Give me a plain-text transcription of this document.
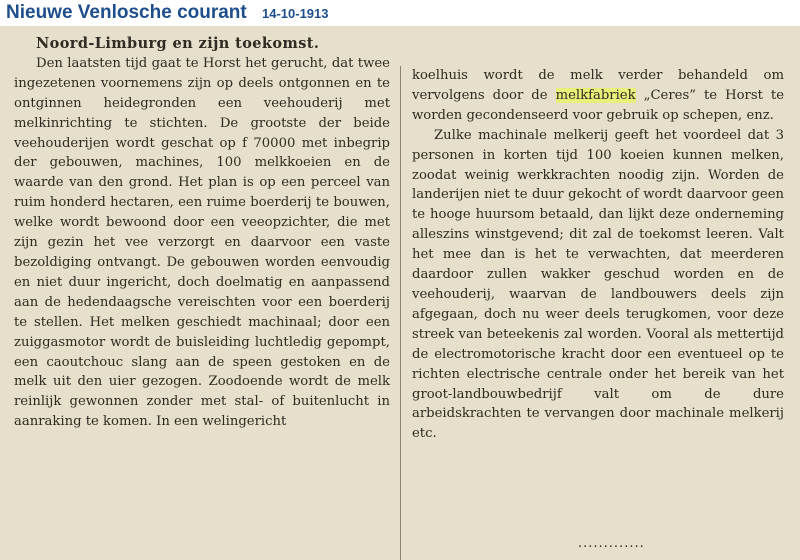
Nieuwe Venlosche courant 14-10-1913

Noord-Limburg en zijn toekomst.

Den laatsten tijd gaat te Horst het gerucht, dat twee ingezetenen voornemens zijn op deels ontgonnen en te ontginnen heidegronden een veehouderij met melkinrichting te stichten. De grootste der beide veehouderijen wordt geschat op f 70000 met inbegrip der gebouwen, machines, 100 melkkoeien en de waarde van den grond. Het plan is op een perceel van ruim honderd hectaren, een ruime boerderij te bouwen, welke wordt bewoond door een veeopzichter, die met zijn gezin het vee verzorgt en daarvoor een vaste bezoldiging ontvangt. De gebouwen worden eenvoudig en niet duur ingericht, doch doelmatig en aanpassend aan de hedendaagsche vereischten voor een boerderij te stellen. Het melken geschiedt machinaal; door een zuiggasmotor wordt de buisleiding luchtledig gepompt, een caoutchouc slang aan de speen gestoken en de melk uit den uier gezogen. Zoodoende wordt de melk reinlijk gewonnen zonder met stal- of buitenlucht in aanraking te komen. In een welingericht

koelhuis wordt de melk verder behandeld om vervolgens door de melkfabriek „Ceres” te Horst te worden gecondenseerd voor gebruik op schepen, enz.

Zulke machinale melkerij geeft het voordeel dat 3 personen in korten tijd 100 koeien kunnen melken, zoodat weinig werkkrachten noodig zijn. Worden de landerijen niet te duur gekocht of wordt daarvoor geen te hooge huursom betaald, dan lijkt deze onderneming alleszins winstgevend; dit zal de toekomst leeren. Valt het mee dan is het te verwachten, dat meerderen daardoor zullen wakker geschud worden en de veehouderij, waarvan de landbouwers deels zijn afgegaan, doch nu weer deels terugkomen, voor deze streek van beteekenis zal worden. Vooral als mettertijd de electromotorische kracht door een eventueel op te richten electrische centrale onder het bereik van het groot-landbouwbedrijf valt om de dure arbeidskrachten te vervangen door machinale melkerij etc.

.............
